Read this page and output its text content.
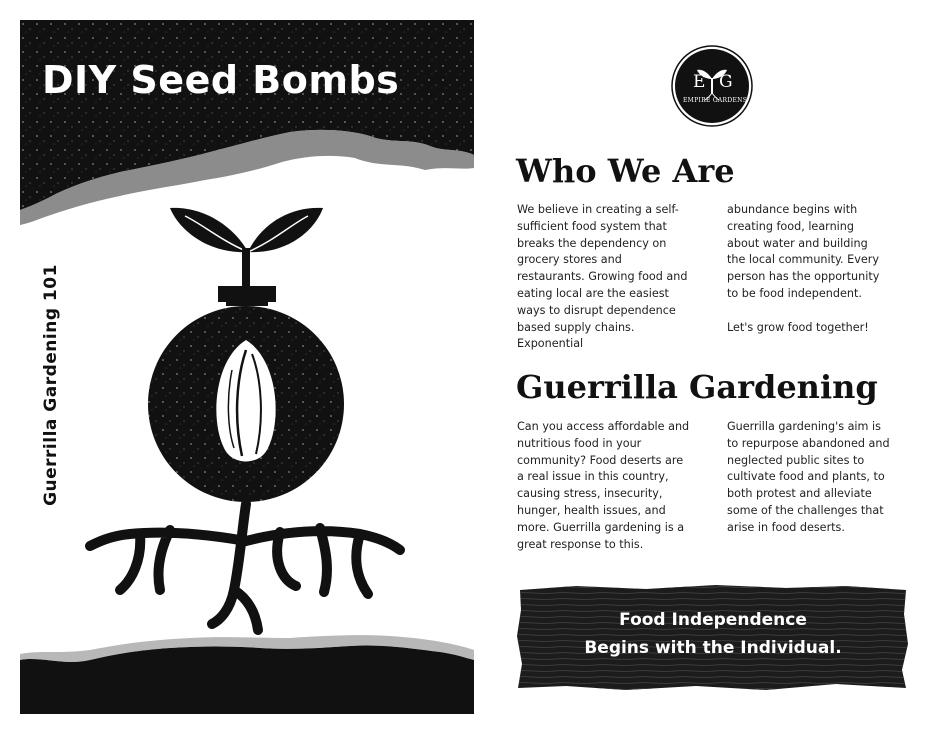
DIY Seed Bombs
Guerrilla Gardening 101
E G
EMPIRE GARDENS
Who We Are

We believe in creating a self-sufficient food system that breaks the dependency on grocery stores and restaurants. Growing food and eating local are the easiest ways to disrupt dependence based supply chains. Exponential

abundance begins with creating food, learning about water and building the local community. Every person has the opportunity to be food independent.

Let's grow food together!

Guerrilla Gardening

Can you access affordable and nutritious food in your community? Food deserts are a real issue in this country, causing stress, insecurity, hunger, health issues, and more. Guerrilla gardening is a great response to this.

Guerrilla gardening's aim is to repurpose abandoned and neglected public sites to cultivate food and plants, to both protest and alleviate some of the challenges that arise in food deserts.

Food Independence
Begins with the Individual.
